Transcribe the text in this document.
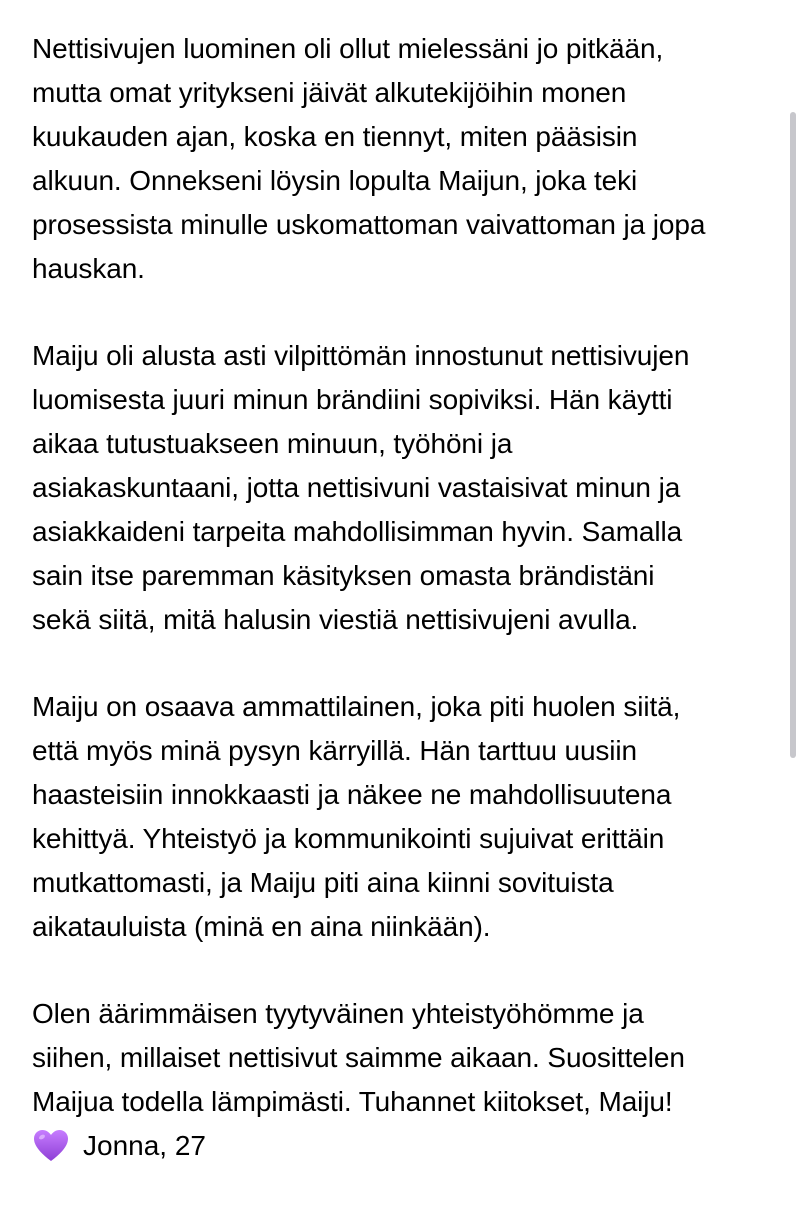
Nettisivujen luominen oli ollut mielessäni jo pitkään,
mutta omat yritykseni jäivät alkutekijöihin monen
kuukauden ajan, koska en tiennyt, miten pääsisin
alkuun. Onnekseni löysin lopulta Maijun, joka teki
prosessista minulle uskomattoman vaivattoman ja jopa
hauskan.

Maiju oli alusta asti vilpittömän innostunut nettisivujen
luomisesta juuri minun brändiini sopiviksi. Hän käytti
aikaa tutustuakseen minuun, työhöni ja
asiakaskuntaani, jotta nettisivuni vastaisivat minun ja
asiakkaideni tarpeita mahdollisimman hyvin. Samalla
sain itse paremman käsityksen omasta brändistäni
sekä siitä, mitä halusin viestiä nettisivujeni avulla.

Maiju on osaava ammattilainen, joka piti huolen siitä,
että myös minä pysyn kärryillä. Hän tarttuu uusiin
haasteisiin innokkaasti ja näkee ne mahdollisuutena
kehittyä. Yhteistyö ja kommunikointi sujuivat erittäin
mutkattomasti, ja Maiju piti aina kiinni sovituista
aikatauluista (minä en aina niinkään).

Olen äärimmäisen tyytyväinen yhteistyöhömme ja
siihen, millaiset nettisivut saimme aikaan. Suosittelen
Maijua todella lämpimästi. Tuhannet kiitokset, Maiju!

Jonna, 27
